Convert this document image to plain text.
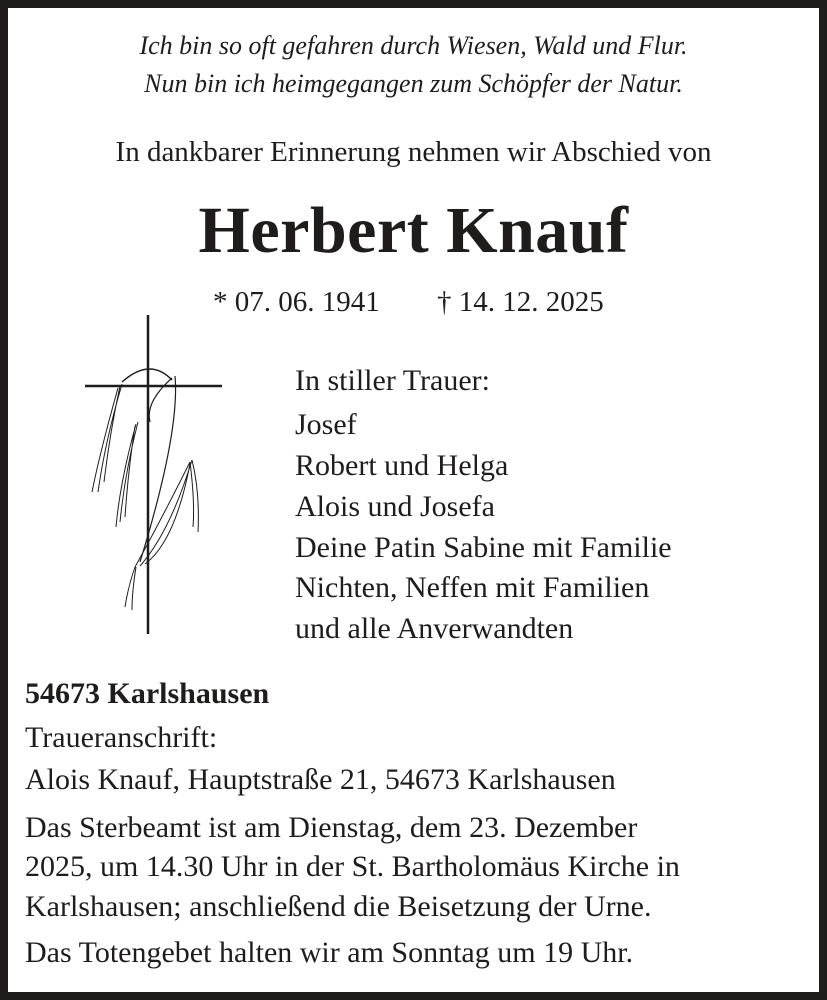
Ich bin so oft gefahren durch Wiesen, Wald und Flur.
Nun bin ich heimgegangen zum Schöpfer der Natur.
In dankbarer Erinnerung nehmen wir Abschied von
Herbert Knauf
* 07. 06. 1941 † 14. 12. 2025
In stiller Trauer:
Josef
Robert und Helga
Alois und Josefa
Deine Patin Sabine mit Familie
Nichten, Neffen mit Familien
und alle Anverwandten
54673 Karlshausen
Traueranschrift:
Alois Knauf, Hauptstraße 21, 54673 Karlshausen
Das Sterbeamt ist am Dienstag, dem 23. Dezember
2025, um 14.30 Uhr in der St. Bartholomäus Kirche in
Karlshausen; anschließend die Beisetzung der Urne.
Das Totengebet halten wir am Sonntag um 19 Uhr.
